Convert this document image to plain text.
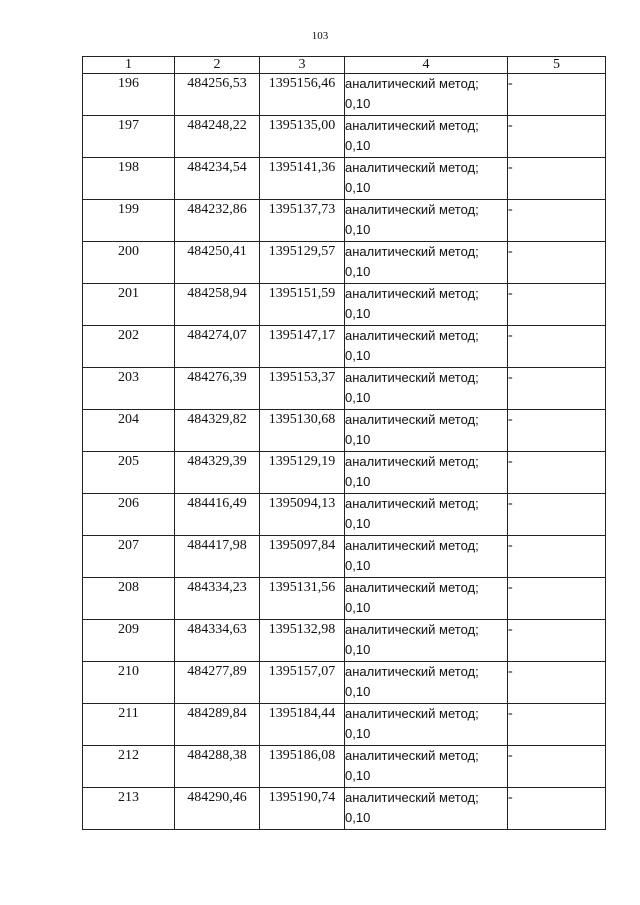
103
1	2	3	4	5
196	484256,53	1395156,46	аналитический метод;
0,10	-
197	484248,22	1395135,00	аналитический метод;
0,10	-
198	484234,54	1395141,36	аналитический метод;
0,10	-
199	484232,86	1395137,73	аналитический метод;
0,10	-
200	484250,41	1395129,57	аналитический метод;
0,10	-
201	484258,94	1395151,59	аналитический метод;
0,10	-
202	484274,07	1395147,17	аналитический метод;
0,10	-
203	484276,39	1395153,37	аналитический метод;
0,10	-
204	484329,82	1395130,68	аналитический метод;
0,10	-
205	484329,39	1395129,19	аналитический метод;
0,10	-
206	484416,49	1395094,13	аналитический метод;
0,10	-
207	484417,98	1395097,84	аналитический метод;
0,10	-
208	484334,23	1395131,56	аналитический метод;
0,10	-
209	484334,63	1395132,98	аналитический метод;
0,10	-
210	484277,89	1395157,07	аналитический метод;
0,10	-
211	484289,84	1395184,44	аналитический метод;
0,10	-
212	484288,38	1395186,08	аналитический метод;
0,10	-
213	484290,46	1395190,74	аналитический метод;
0,10	-
